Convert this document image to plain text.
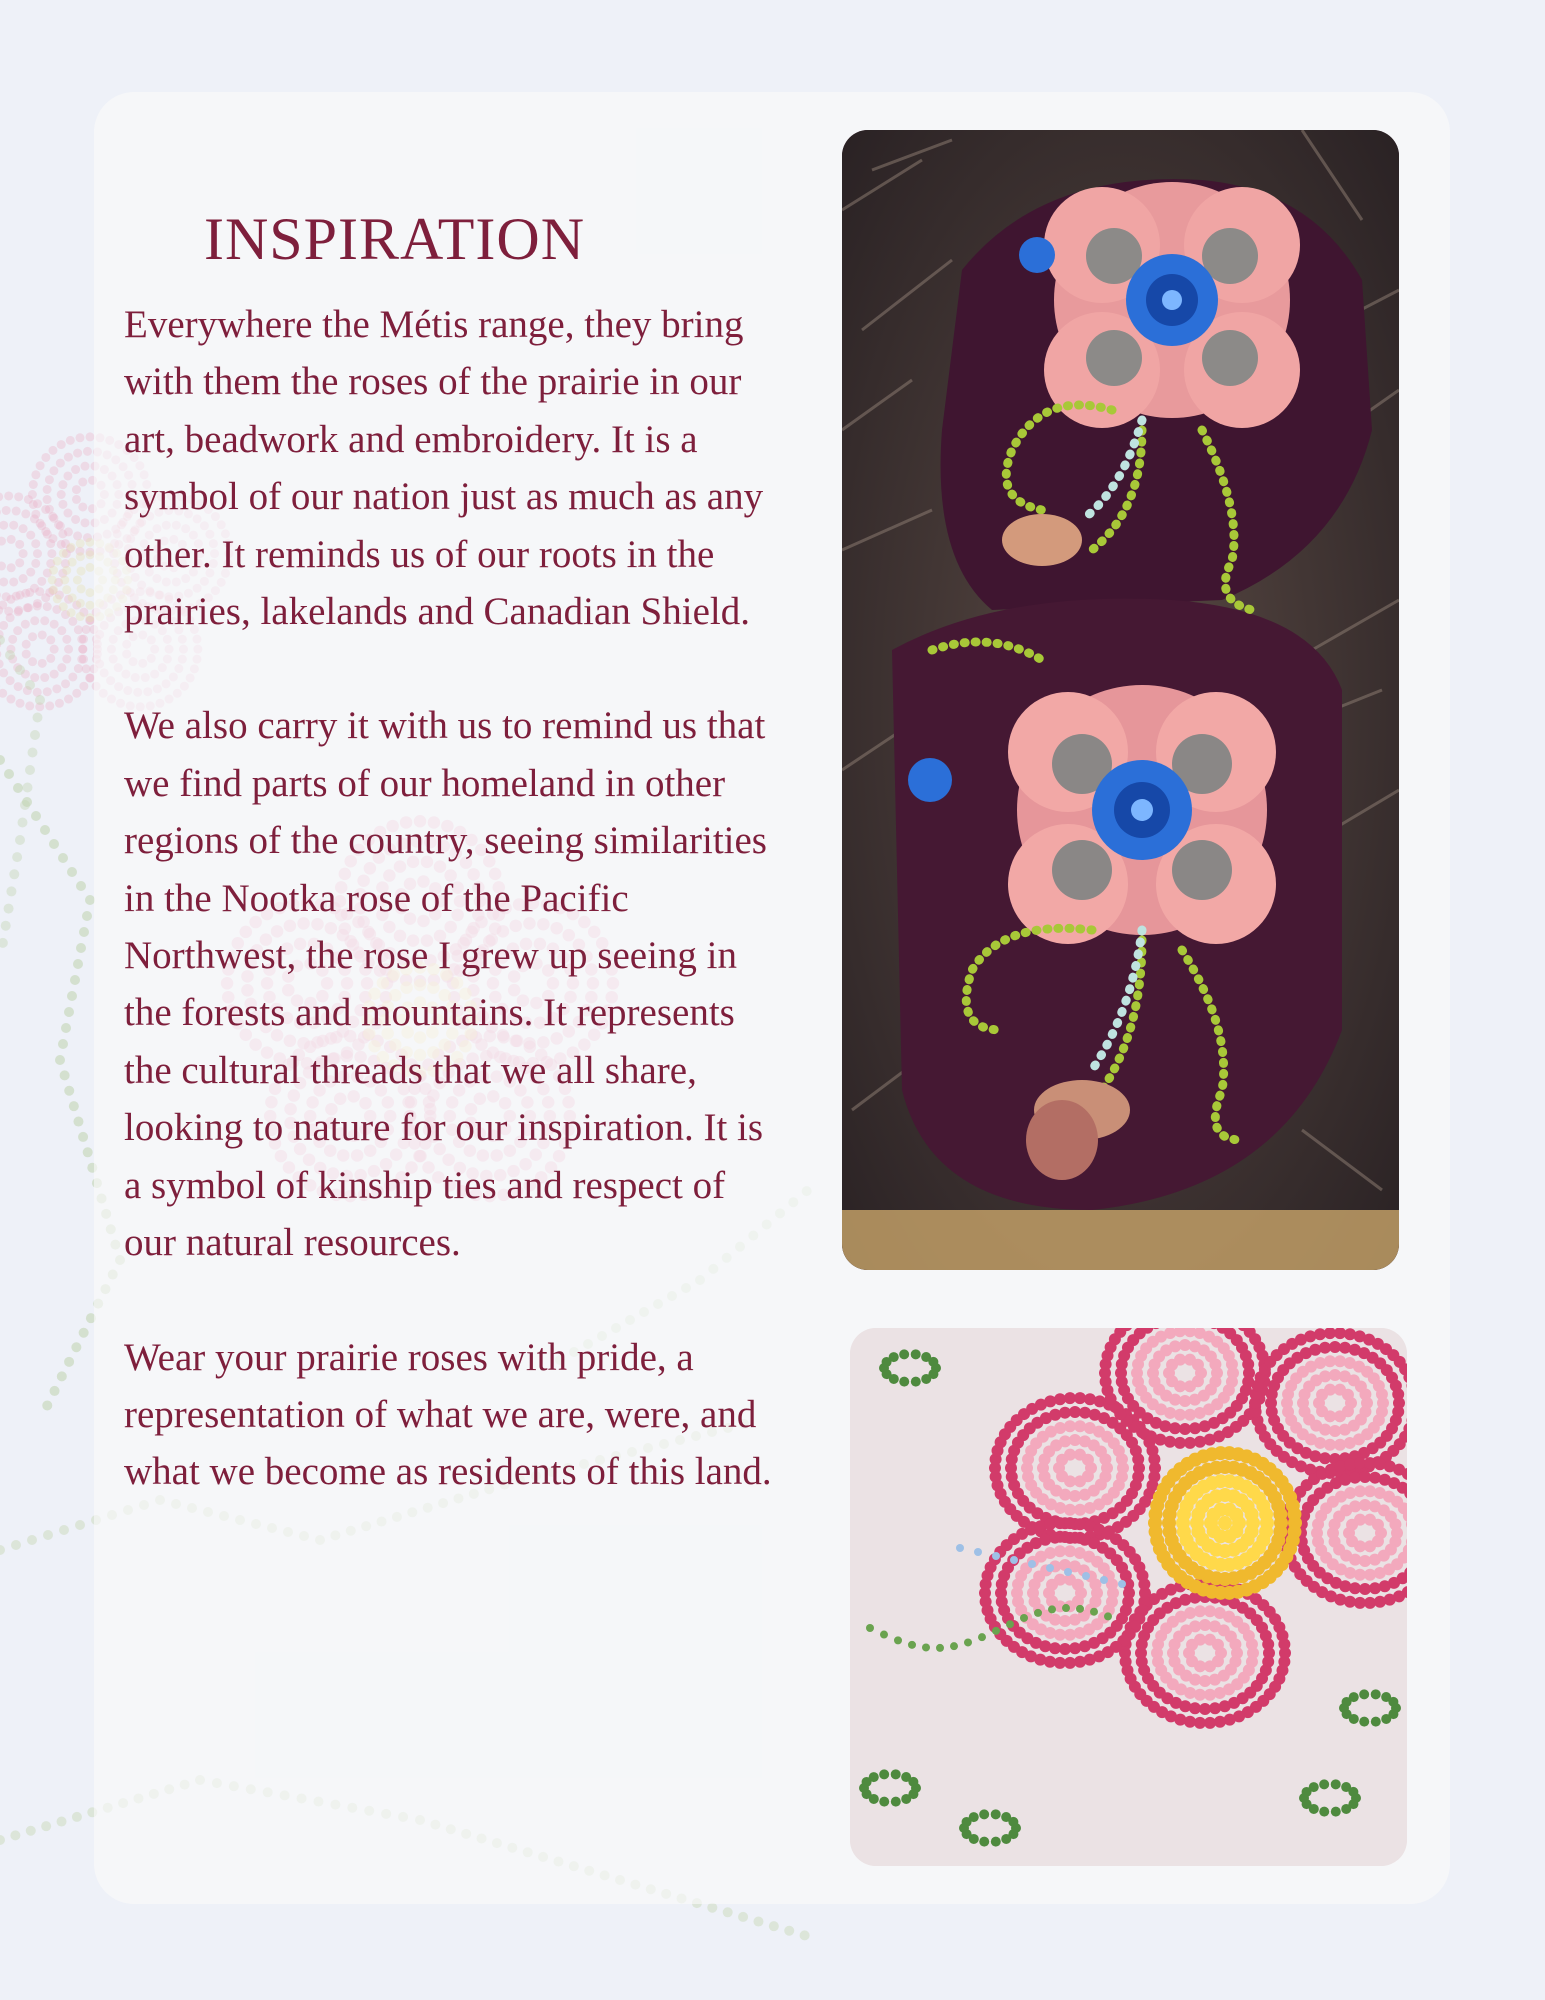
INSPIRATION

Everywhere the Métis range, they bring with them the roses of the prairie in our art, beadwork and embroidery. It is a symbol of our nation just as much as any other. It reminds us of our roots in the prairies, lakelands and Canadian Shield.

We also carry it with us to remind us that we find parts of our homeland in other regions of the country, seeing similarities in the Nootka rose of the Pacific Northwest, the rose I grew up seeing in the forests and mountains. It represents the cultural threads that we all share, looking to nature for our inspiration. It is a symbol of kinship ties and respect of our natural resources.

Wear your prairie roses with pride, a representation of what we are, were, and what we become as residents of this land.
